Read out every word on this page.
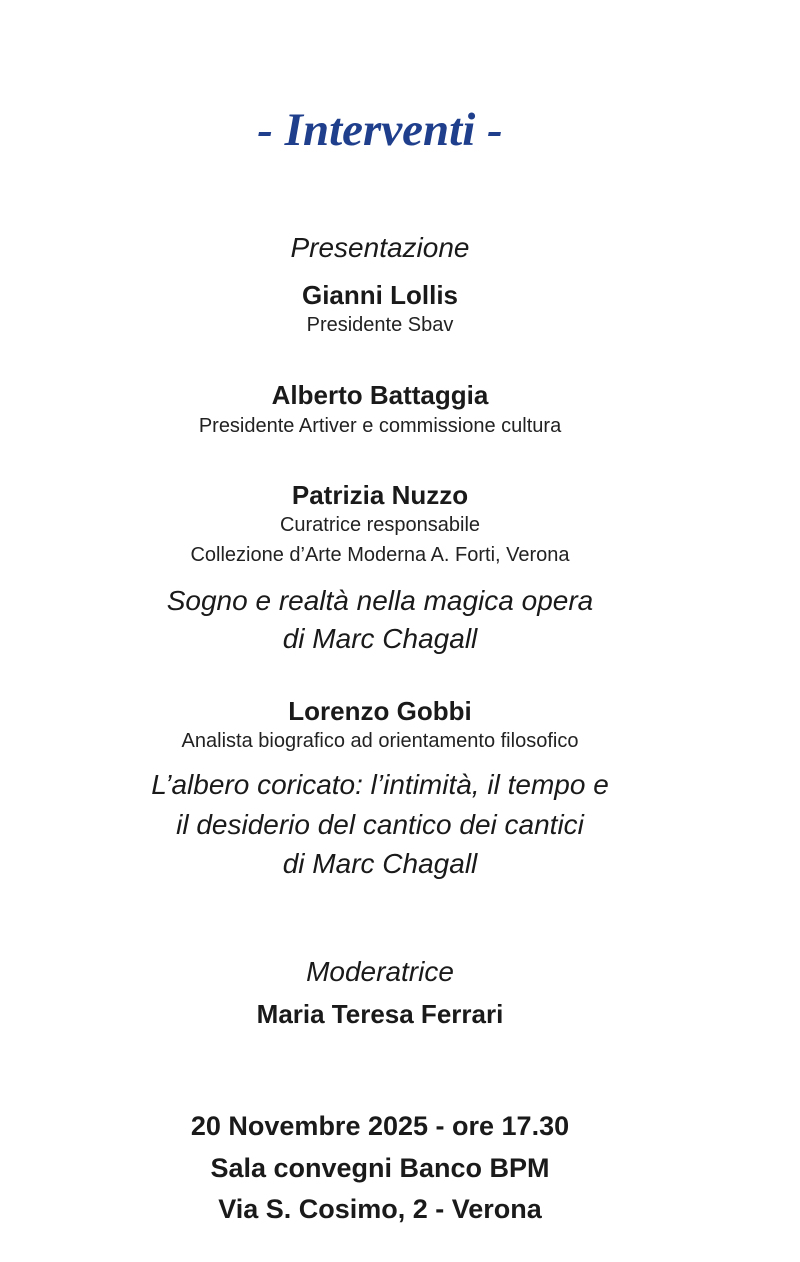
- Interventi -

Presentazione

Gianni Lollis

Presidente Sbav

Alberto Battaggia

Presidente Artiver e commissione cultura

Patrizia Nuzzo

Curatrice responsabile

Collezione d’Arte Moderna A. Forti, Verona

Sogno e realtà nella magica opera

di Marc Chagall

Lorenzo Gobbi

Analista biografico ad orientamento filosofico

L’albero coricato: l’intimità, il tempo e

il desiderio del cantico dei cantici

di Marc Chagall

Moderatrice

Maria Teresa Ferrari

20 Novembre 2025 - ore 17.30

Sala convegni Banco BPM

Via S. Cosimo, 2 - Verona
